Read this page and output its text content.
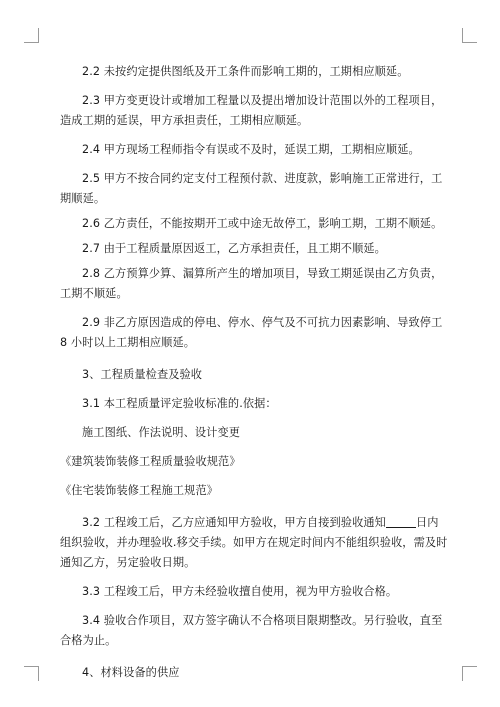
2.2 未按约定提供图纸及开工条件而影响工期的，工期相应顺延。

2.3 甲方变更设计或增加工程量以及提出增加设计范围以外的工程项目，造成工期的延误，甲方承担责任，工期相应顺延。

2.4 甲方现场工程师指令有误或不及时，延误工期，工期相应顺延。

2.5 甲方不按合同约定支付工程预付款、进度款，影响施工正常进行，工期顺延。

2.6 乙方责任，不能按期开工或中途无故停工，影响工期，工期不顺延。

2.7 由于工程质量原因返工，乙方承担责任，且工期不顺延。

2.8 乙方预算少算、漏算所产生的增加项目，导致工期延误由乙方负责，工期不顺延。

2.9 非乙方原因造成的停电、停水、停气及不可抗力因素影响、导致停工 8 小时以上工期相应顺延。

3、工程质量检查及验收

3.1 本工程质量评定验收标准的.依据：

施工图纸、作法说明、设计变更

《建筑装饰装修工程质量验收规范》

《住宅装饰装修工程施工规范》

3.2 工程竣工后，乙方应通知甲方验收，甲方自接到验收通知	日内组织验收，并办理验收.移交手续。如甲方在规定时间内不能组织验收，需及时通知乙方，另定验收日期。

3.3 工程竣工后，甲方未经验收擅自使用，视为甲方验收合格。

3.4 验收合作项目，双方签字确认不合格项目限期整改。另行验收，直至合格为止。

4、材料设备的供应
